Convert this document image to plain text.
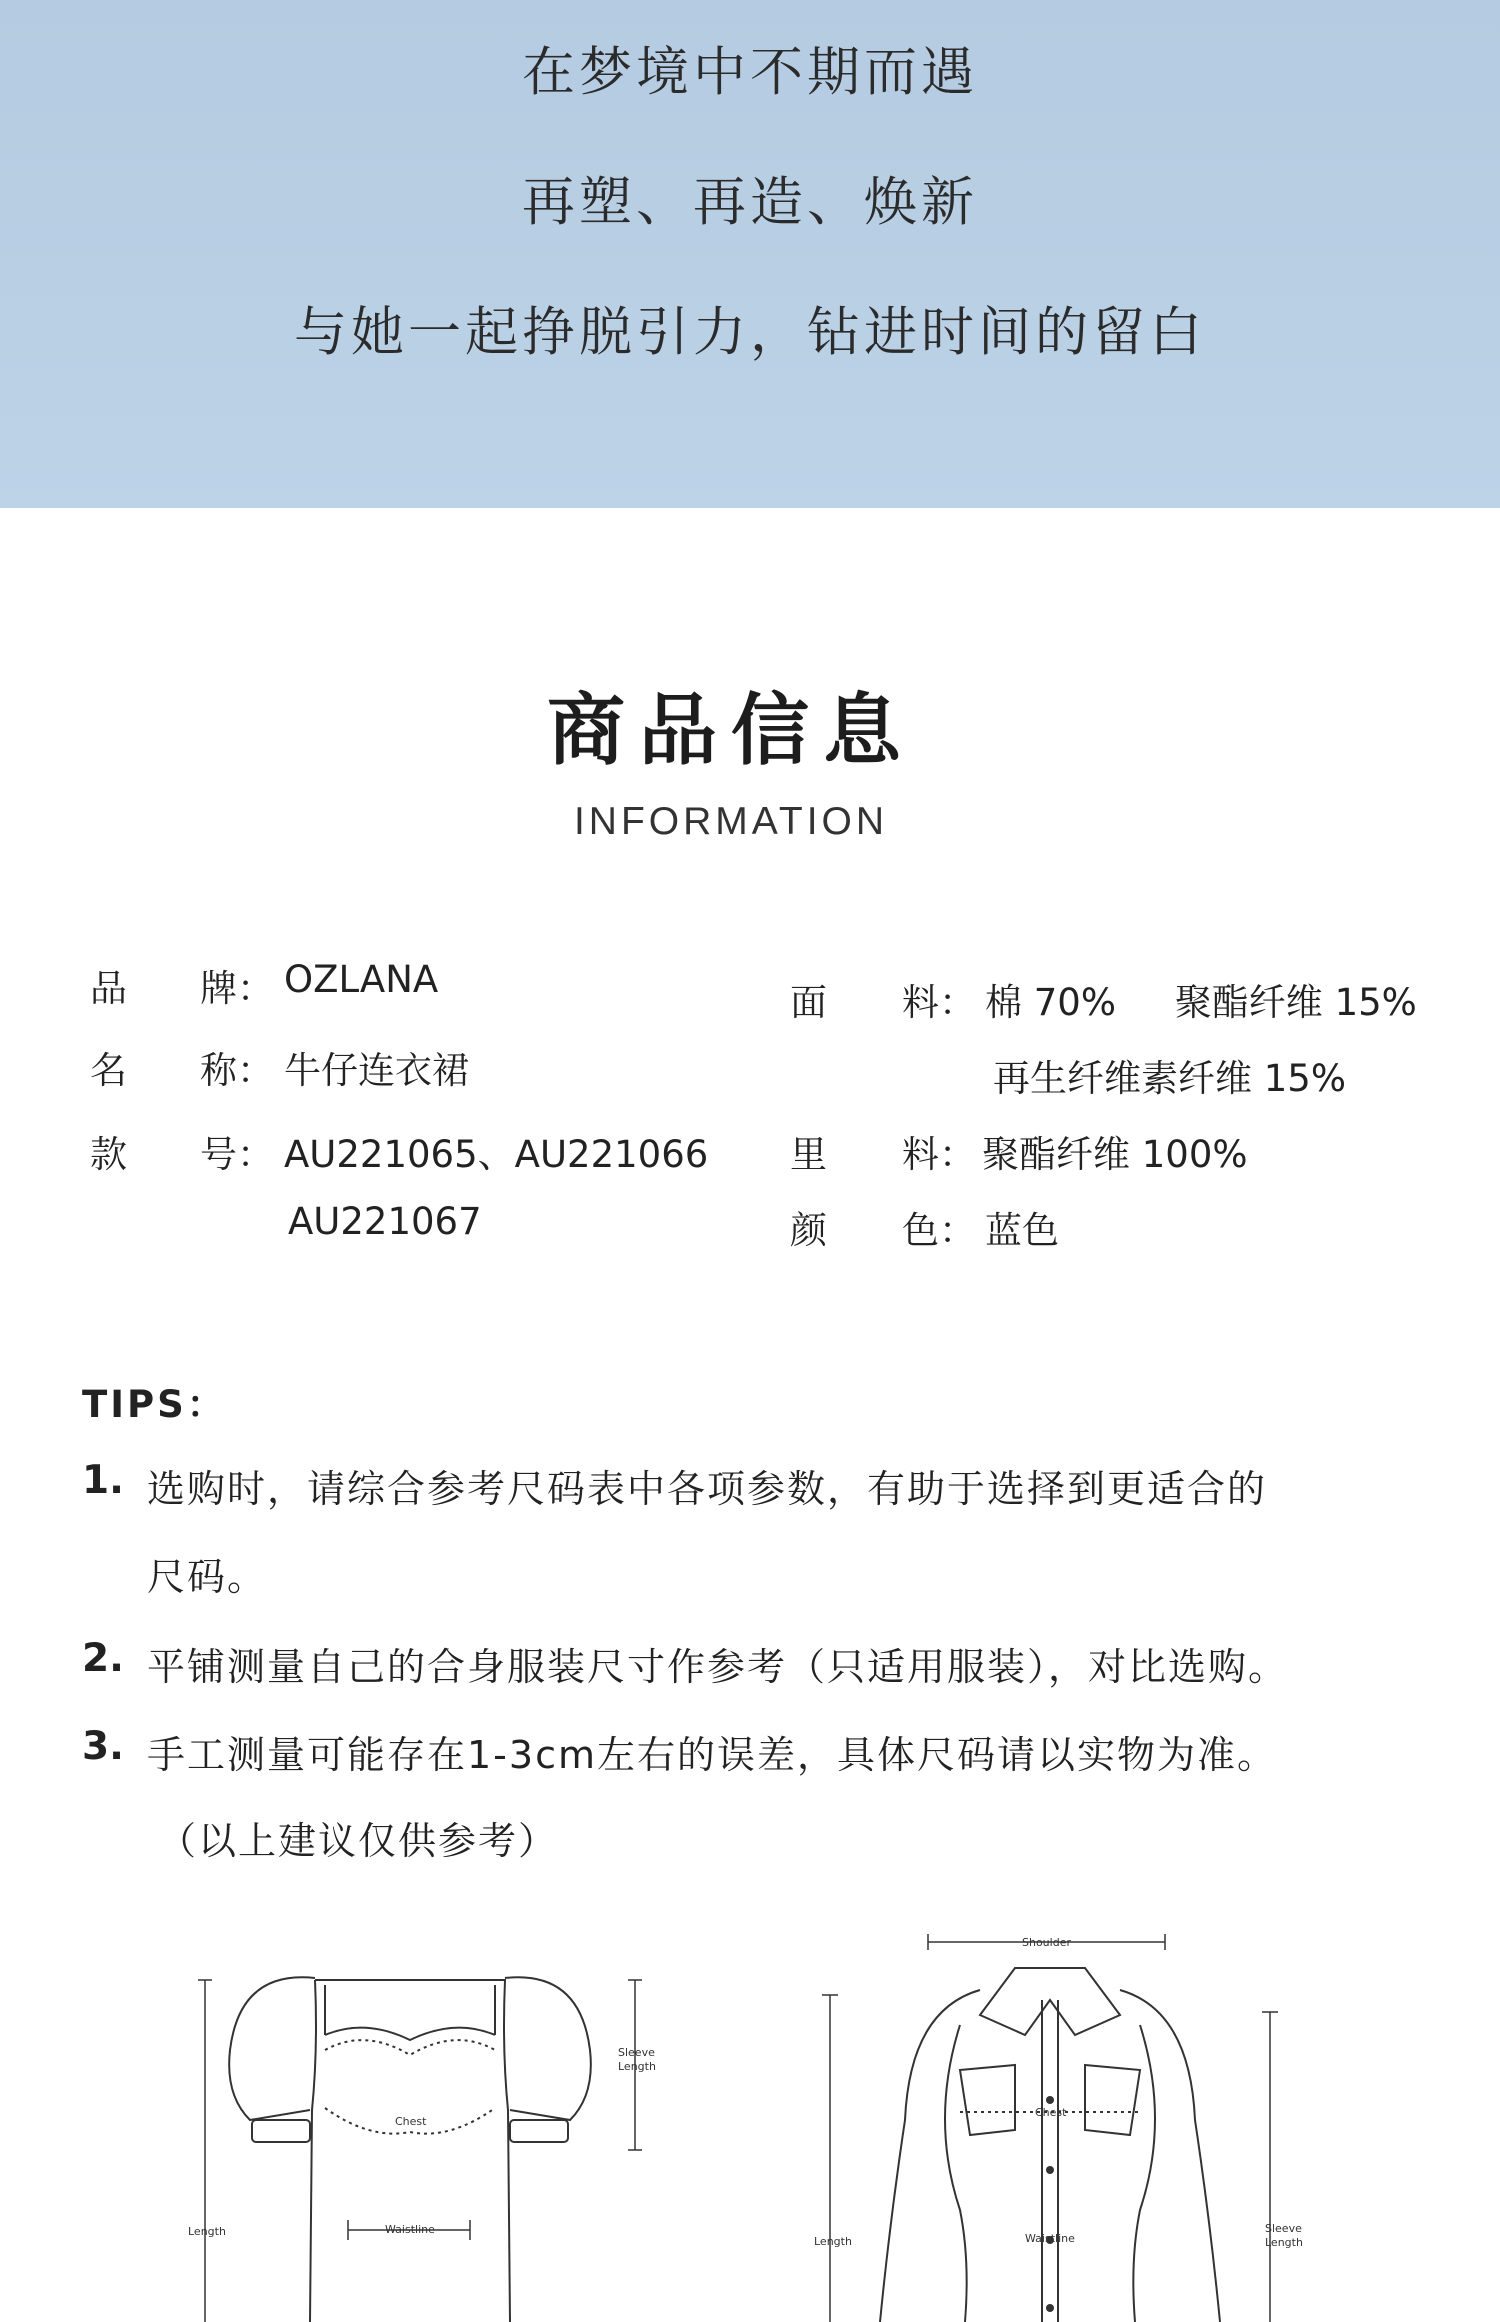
在梦境中不期而遇
再塑、再造、焕新
与她一起挣脱引力，钻进时间的留白
商品信息
INFORMATION
品 牌： OZLANA
名 称： 牛仔连衣裙
款 号： AU221065、AU221066
AU221067
面 料： 棉 70%     聚酯纤维 15%
再生纤维素纤维 15%
里 料： 聚酯纤维 100%
颜 色： 蓝色
TIPS：
1. 选购时，请综合参考尺码表中各项参数，有助于选择到更适合的
尺码。
2. 平铺测量自己的合身服装尺寸作参考（只适用服装），对比选购。
3. 手工测量可能存在1-3cm左右的误差，具体尺码请以实物为准。
（以上建议仅供参考）
Sleeve
Length
Chest
Waistline
Length
Shoulder
Chest
Waistline
Length
Sleeve
Length
